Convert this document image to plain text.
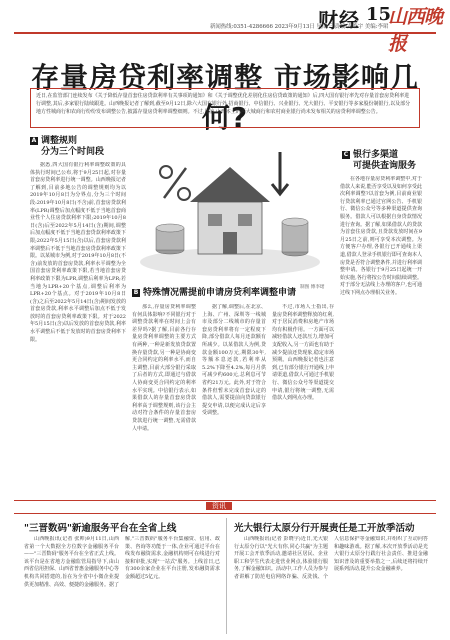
财经 15
山西晚报
新闻热线:0351-4286666 2023年9月13日 星期三 责编:龙皓宇 美编:李珺
存量房贷利率调整 市场影响几何?
近日,在监管部门连续发布《关于降低存量首套住房贷款利率有关事项的通知》和《关于调整优化差别化住房信贷政策的通知》后,四大国有银行率先对存量首套房贷利率进行调整,其后,多家银行陆续跟进。山西晚报记者了解到,截至9月12日,除六大国有银行外,招商银行、中信银行、兴业银行、光大银行、平安银行等多家股份制银行,以及部分地方性城商行和农商行纷纷发布调整公告,披露存量房贷利率调整细则。不过,目前,山西本土的两大城商行和农村商业银行尚未发布相关的房贷利率调整公告。
A 调整规则
分为三个时间段

据悉,四大国有银行利率调整政策的具体执行时间已公布,将于9月25日起,对存量首套房贷利率进行统一调整。山西晚报记者了解到,目前多地公告的调整规则均为以2019年10月8日为分界点,分为三个时间段:2019年10月8日(不含)前,首套房贷款利率(LPR)调整后加点幅度不低于当地首套商业性个人住房贷款利率下限;2019年10月8日(含)后至2022年5月14日(含)期间,调整后加点幅度不低于当地首套贷款利率政策下限;2022年5月15日(含)以后,首套房贷款利率调整后不低于当地首套房贷款利率政策下限。以某城市为例,对于2019年10月8日(不含)前发放的首套房贷款,利率水平调整为全国首套房贷利率政策下限,若当地首套房贷利率政策下限为LPR,调整后利率为LPR;若当地为LPR+20个基点,调整后利率为LPR+20个基点。对于2019年10月8日(含)之后至2022年5月14日(含)期间发放的首套房贷款,利率水平调整后加点不低于发放时的首套房贷利率政策下限。对于2022年5月15日(含)以后发放的首套房贷款,利率水平调整后不低于发放时的首套房贷利率下限。

制图 傅李珺
C 银行多渠道
可提供查询服务

在各地存量房贷利率调整中,对于借款人来说,能否享受以及如何享受此次利率调整?以首套为例,目前商业银行贷款利率已通过官网公告、手机银行、微信公众号等多种渠道提供查询服务。借款人可以根据自身贷款情况进行查询。据了解,如果借款人的贷款为首套住房贷款,且贷款发放时间在9月25日之前,则可享受本次调整。为方便客户办理,各银行已开通线上渠道,借款人登录手机银行即可查询本人房贷是否符合调整条件,并进行利率调整申请。各银行于9月25日起统一开始实施,各行将按公告时间陆续调整。对于部分无法线上办理的客户,也可通过线下网点办理相关业务。

B 特殊情况需提前申请房贷利率调整申请

那么,存量房贷利率调整有何具体影响?不同银行对于调整贷款利率在时间上会有差异吗?据了解,目前各行存量房贷利率调整的主要方式有两种,一种是新发放贷款置换存量贷款,另一种是协商变更合同约定的利率水平,而自主调整,目前大部分银行采取了后者的方式,即通过与借款人协商变更合同约定的利率水平实现。中信银行表示,如果借款人的存量首套房贷款利率高于调整规则,该行会主动对符合条件的存量首套房贷款进行统一调整,无需借款人申请。

据了解,调整后,在北京、上海、广州、深圳等一线城市及部分二线城市的存量首套房贷利率将有一定程度下降,部分借款人每月还款额有所减少。以某借款人为例,贷款金额100万元,期限30年,等额本息还款,若利率从5.2%下降至4.2%,每月月供可减少约600元,总利息可节省约21万元。此外,对于符合条件但暂未完成首套认定的借款人,需要提前向贷款银行提交申请,以便完成认定后享受调整。

不过,市场人士指出,存量房贷利率调整释放的红利,对于居民消费和房地产市场均有积极作用。一方面可以减轻借款人还款压力,增加可支配收入,另一方面也有助于减少提前还贷现象,稳定市场预期。山西晚报记者也注意到,已有部分银行开通线上申请渠道,借款人可通过手机银行、微信公众号等渠道提交申请,银行将统一调整,无需借款人到网点办理。

资讯
"三晋数码"新逾服务平台在全省上线

山西晚报讯(记者 张帅)9月11日,山西省第一个大数据全方位数字金融服务平台——"三晋数码"服务平台在全省正式上线。该平台是在省地方金融监管局指导下,由山西省信用担保、山西省普惠金融服务中心等机构共同搭建的,旨在为全省中小微企业提供更加精准、高效、便捷的金融服务。据了解,"三晋数码"服务平台集融资、信用、政策、咨询等功能于一体,企业可通过平台在线发布融资需求,金融机构则可在线进行对接和审批,实现"一站式"服务。上线首日,已有300余家企业在平台注册,发布融资需求金额超过5亿元。

光大银行太原分行开展责任是工开放季活动

山西晚报讯(记者 彭晓宇)近日,光大银行太原分行以"光大有你,同心共赢"为主题开展工会开放季活动,邀请社区居民、企业职工和学生代表走进营业网点,体验银行服务,了解金融知识。活动中,工作人员为参与者讲解了防范电信网络诈骗、反洗钱、个人信息保护等金融知识,并组织了互动问答和趣味游戏。据了解,本次开放季活动是光大银行太原分行践行社会责任、推进金融知识普及的重要举措之一,后续还将持续开展系列活动,提升公众金融素养。
